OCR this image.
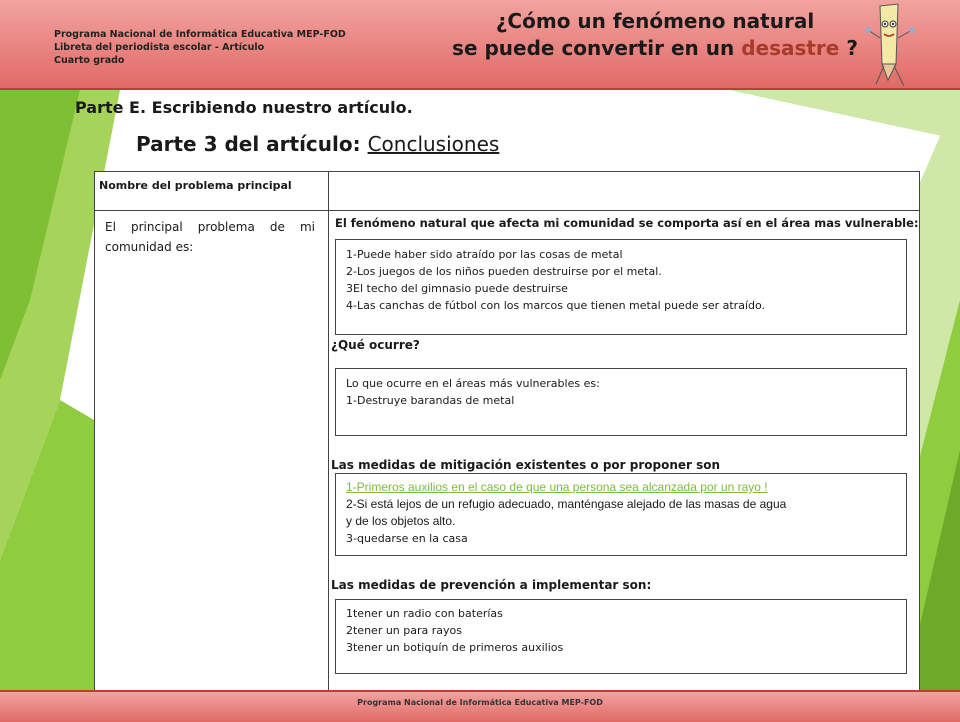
Programa Nacional de Informática Educativa MEP-FOD
Libreta del periodista escolar - Artículo
Cuarto grado
¿Cómo un fenómeno natural
se puede convertir en un desastre ?
Parte E. Escribiendo nuestro artículo.
Parte 3 del artículo: Conclusiones
Nombre del problema principal
El principal problema de mi comunidad es:
El fenómeno natural que afecta mi comunidad se comporta así en el área mas vulnerable:
1-Puede haber sido atraído por las cosas de metal
2-Los juegos de los niños pueden destruirse por el metal.
3El techo del gimnasio puede destruirse
4-Las canchas de fútbol con los marcos que tienen metal puede ser atraído.
¿Qué ocurre?
Lo que ocurre en el áreas más vulnerables es:
1-Destruye barandas de metal
Las medidas de mitigación existentes o por proponer son
1-Primeros auxilios en el caso de que una persona sea alcanzada por un rayo !
2-Si está lejos de un refugio adecuado, manténgase alejado de las masas de agua
y de los objetos alto.
3-quedarse en la casa
Las medidas de prevención a implementar son:
1tener un radio con baterías
2tener un para rayos
3tener un botiquín de primeros auxilios
Programa Nacional de Informática Educativa MEP-FOD
